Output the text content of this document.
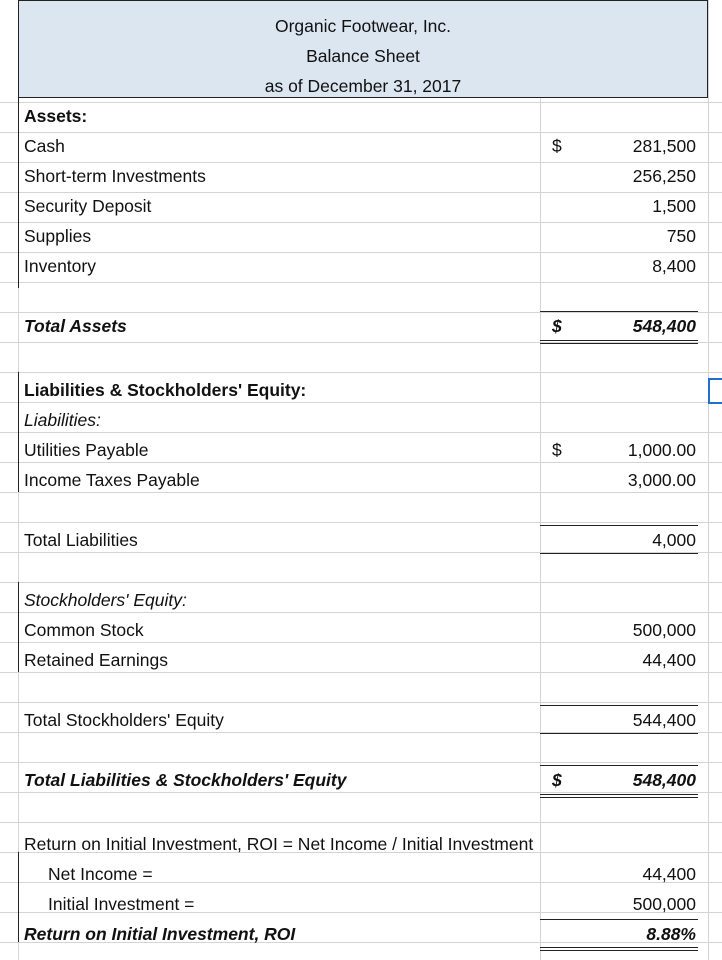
Organic Footwear, Inc.
Balance Sheet
as of December 31, 2017
Assets:
Cash	$	281,500
Short-term Investments	256,250
Security Deposit	1,500
Supplies	750
Inventory	8,400
Total Assets	$	548,400
Liabilities & Stockholders' Equity:
Liabilities:
Utilities Payable	$	1,000.00
Income Taxes Payable	3,000.00
Total Liabilities	4,000
Stockholders' Equity:
Common Stock	500,000
Retained Earnings	44,400
Total Stockholders' Equity	544,400
Total Liabilities & Stockholders' Equity	$	548,400
Return on Initial Investment, ROI = Net Income / Initial Investment
Net Income =	44,400
Initial Investment =	500,000
Return on Initial Investment, ROI	8.88%
